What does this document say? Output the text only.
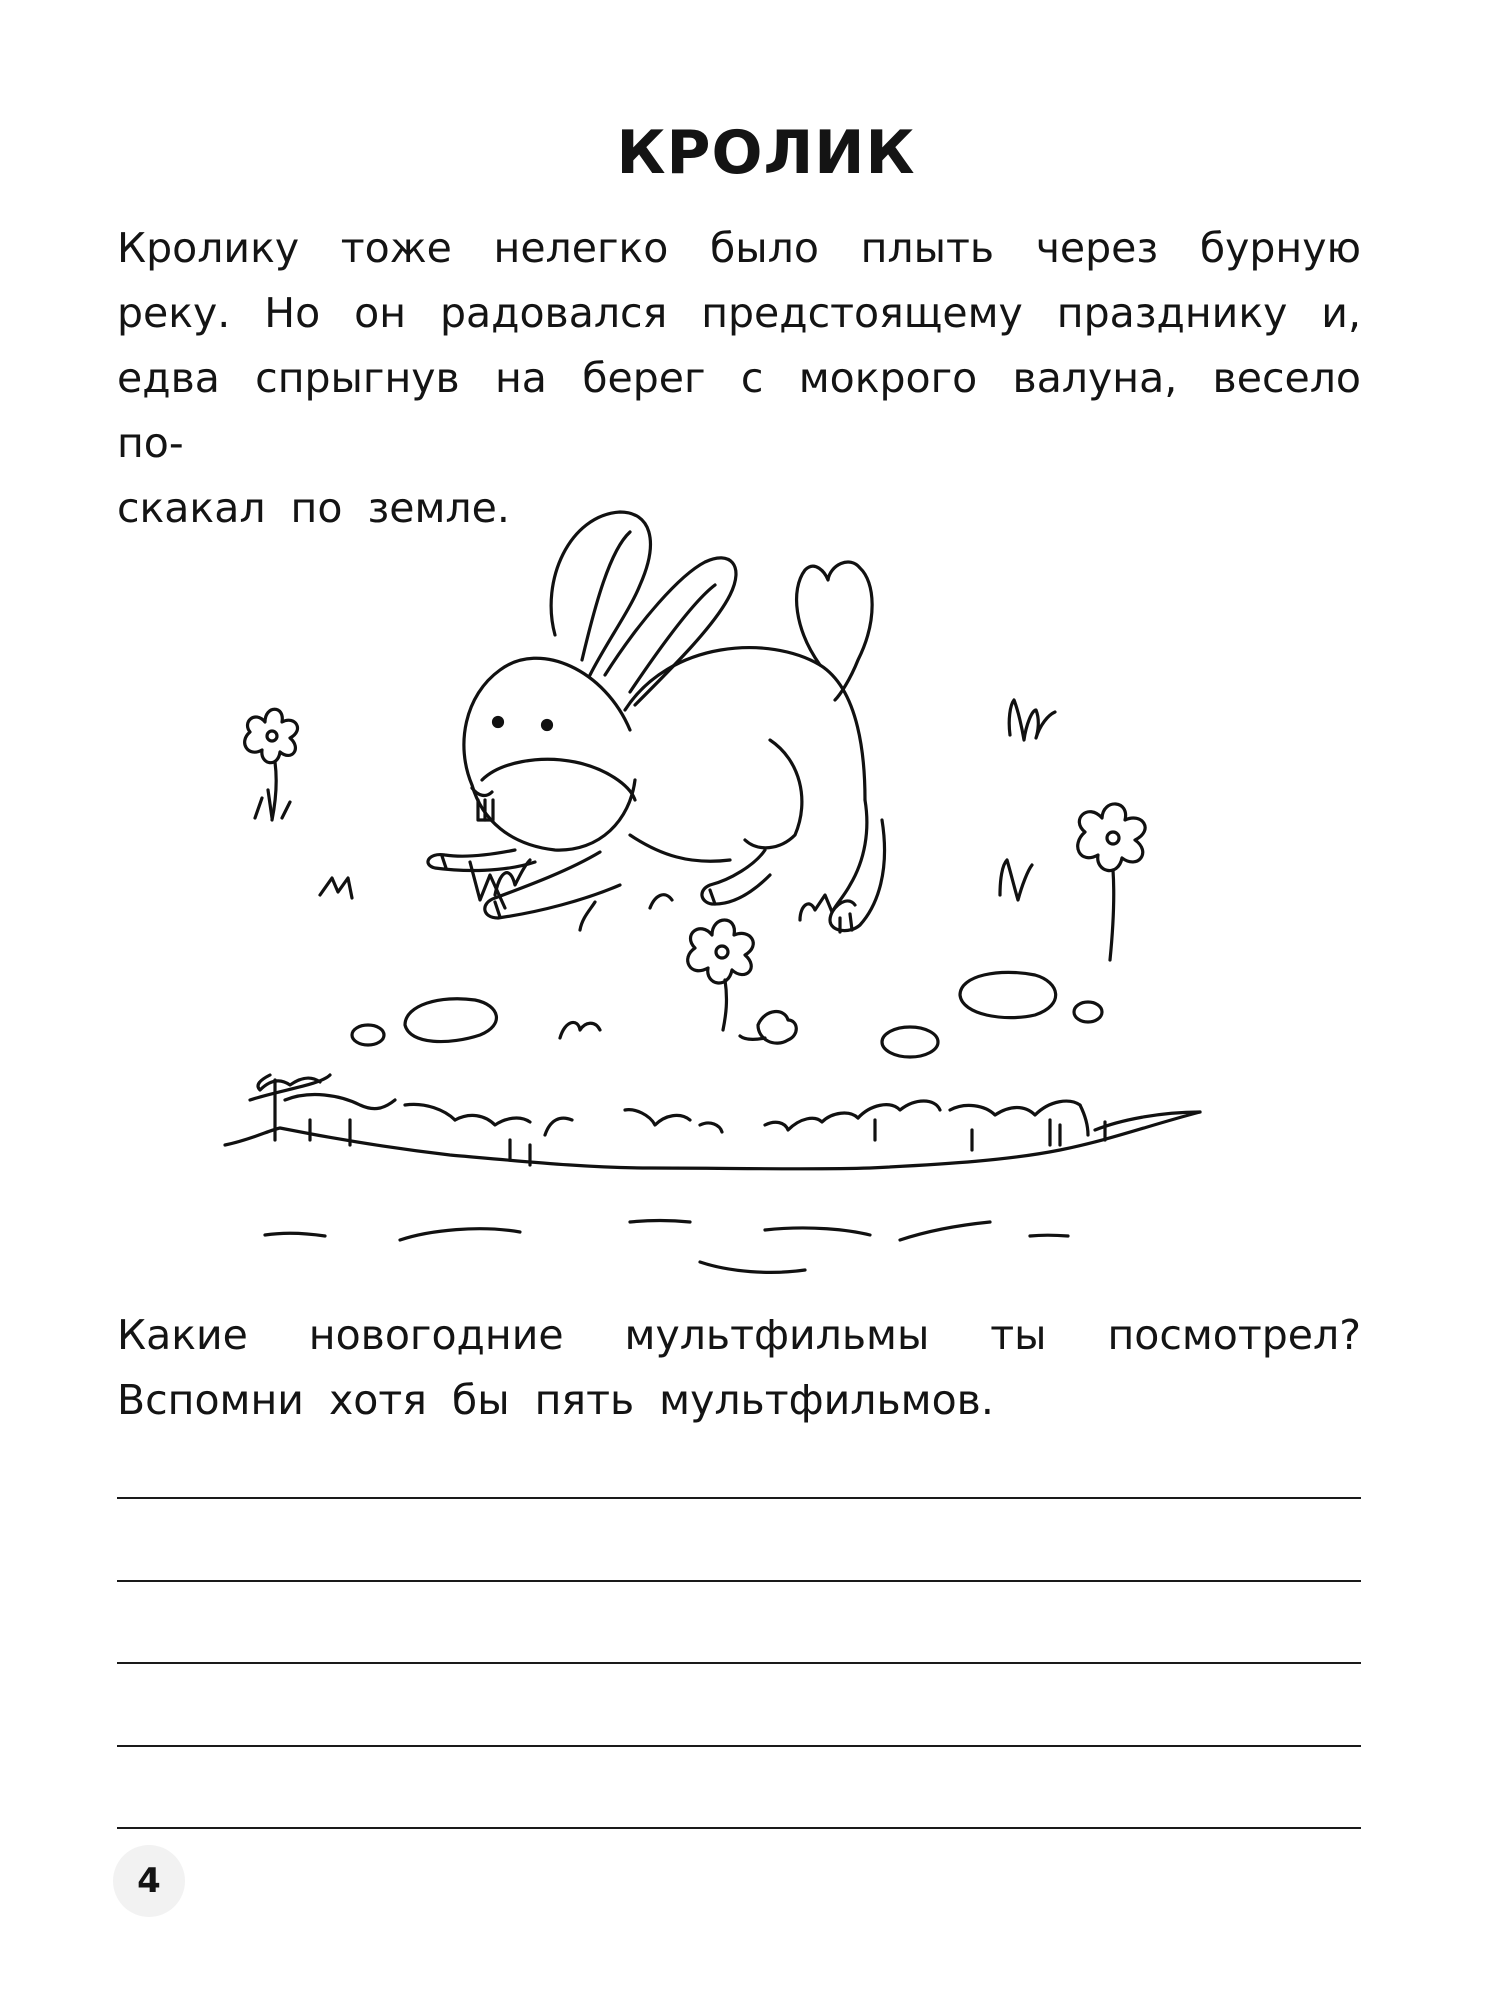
КРОЛИК

Кролику тоже нелегко было плыть через бурную
реку. Но он радовался предстоящему празднику и,
едва спрыгнув на берег с мокрого валуна, весело по-
скакал по земле.

Какие новогодние мультфильмы ты посмотрел?
Вспомни хотя бы пять мультфильмов.

4
